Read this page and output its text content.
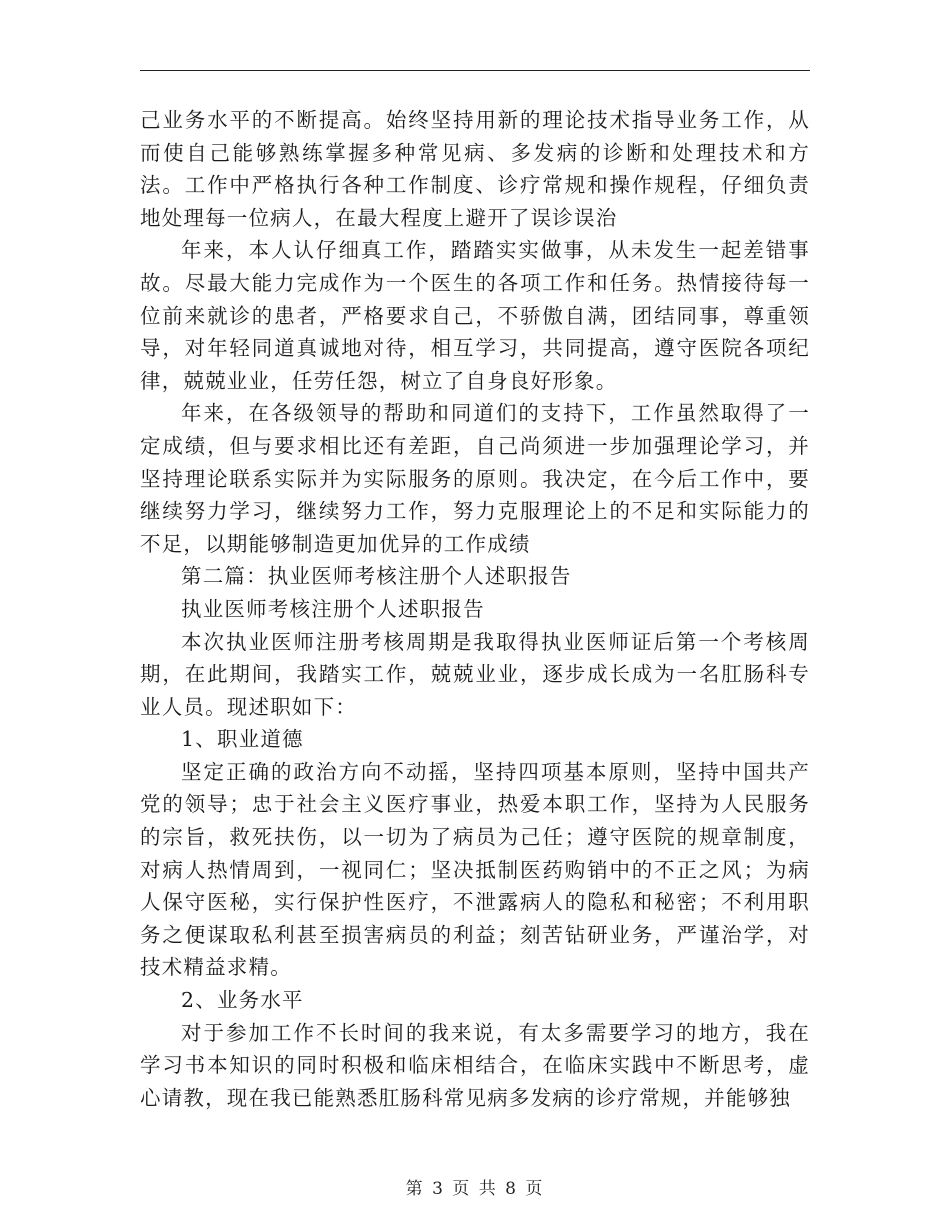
己业务水平的不断提高。始终坚持用新的理论技术指导业务工作，从而使自己能够熟练掌握多种常见病、多发病的诊断和处理技术和方法。工作中严格执行各种工作制度、诊疗常规和操作规程，仔细负责地处理每一位病人，在最大程度上避开了误诊误治

年来，本人认仔细真工作，踏踏实实做事，从未发生一起差错事故。尽最大能力完成作为一个医生的各项工作和任务。热情接待每一位前来就诊的患者，严格要求自己，不骄傲自满，团结同事，尊重领导，对年轻同道真诚地对待，相互学习，共同提高，遵守医院各项纪律，兢兢业业，任劳任怨，树立了自身良好形象。

年来，在各级领导的帮助和同道们的支持下，工作虽然取得了一定成绩，但与要求相比还有差距，自己尚须进一步加强理论学习，并坚持理论联系实际并为实际服务的原则。我决定，在今后工作中，要继续努力学习，继续努力工作，努力克服理论上的不足和实际能力的不足，以期能够制造更加优异的工作成绩

第二篇：执业医师考核注册个人述职报告

执业医师考核注册个人述职报告

本次执业医师注册考核周期是我取得执业医师证后第一个考核周期，在此期间，我踏实工作，兢兢业业，逐步成长成为一名肛肠科专业人员。现述职如下：

1、职业道德

坚定正确的政治方向不动摇，坚持四项基本原则，坚持中国共产党的领导；忠于社会主义医疗事业，热爱本职工作，坚持为人民服务的宗旨，救死扶伤，以一切为了病员为己任；遵守医院的规章制度，对病人热情周到，一视同仁；坚决抵制医药购销中的不正之风；为病人保守医秘，实行保护性医疗，不泄露病人的隐私和秘密；不利用职务之便谋取私利甚至损害病员的利益；刻苦钻研业务，严谨治学，对技术精益求精。

2、业务水平

对于参加工作不长时间的我来说，有太多需要学习的地方，我在学习书本知识的同时积极和临床相结合，在临床实践中不断思考，虚心请教，现在我已能熟悉肛肠科常见病多发病的诊疗常规，并能够独

第 3 页 共 8 页
